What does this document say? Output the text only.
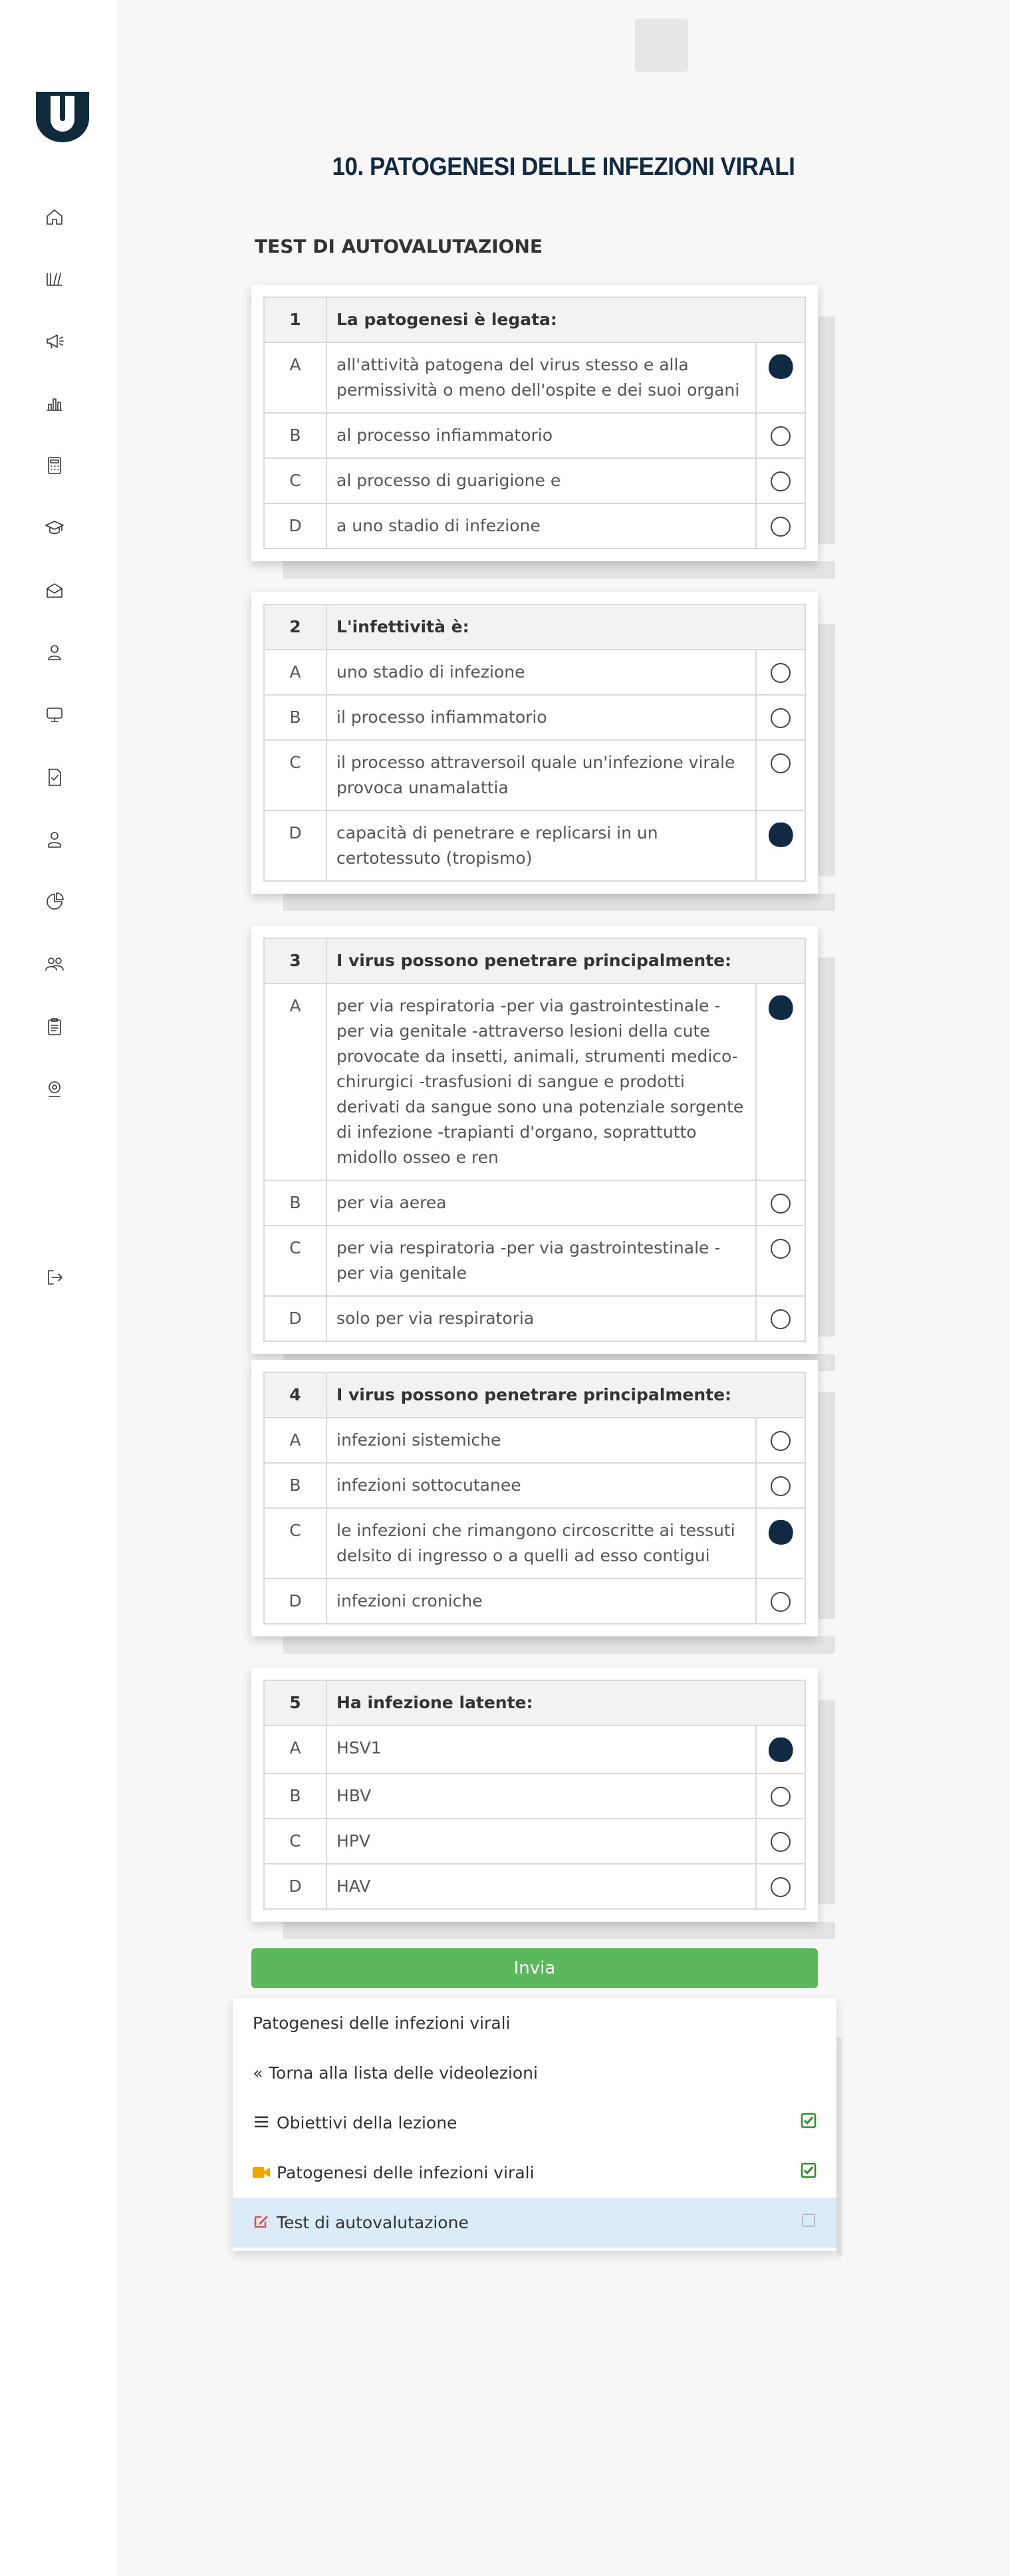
10. PATOGENESI DELLE INFEZIONI VIRALI
TEST DI AUTOVALUTAZIONE
1	La patogenesi è legata:	
A	all'attività patogena del virus stesso e alla permissività o meno dell'ospite e dei suoi organi	
B	al processo infiammatorio	
C	al processo di guarigione e	
D	a uno stadio di infezione	
2	L'infettività è:	
A	uno stadio di infezione	
B	il processo infiammatorio	
C	il processo attraversoil quale un'infezione virale provoca unamalattia	
D	capacità di penetrare e replicarsi in un certotessuto (tropismo)	
3	I virus possono penetrare principalmente:	
A	per via respiratoria -per via gastrointestinale -per via genitale -attraverso lesioni della cute provocate da insetti, animali, strumenti medico-chirurgici -trasfusioni di sangue e prodotti derivati da sangue sono una potenziale sorgente di infezione -trapianti d'organo, soprattutto midollo osseo e ren	
B	per via aerea	
C	per via respiratoria -per via gastrointestinale -per via genitale	
D	solo per via respiratoria	
4	I virus possono penetrare principalmente:	
A	infezioni sistemiche	
B	infezioni sottocutanee	
C	le infezioni che rimangono circoscritte ai tessuti delsito di ingresso o a quelli ad esso contigui	
D	infezioni croniche	
5	Ha infezione latente:	
A	HSV1	
B	HBV	
C	HPV	
D	HAV	
Invia
Patogenesi delle infezioni virali
« Torna alla lista delle videolezioni
Obiettivi della lezione
Patogenesi delle infezioni virali
Test di autovalutazione
